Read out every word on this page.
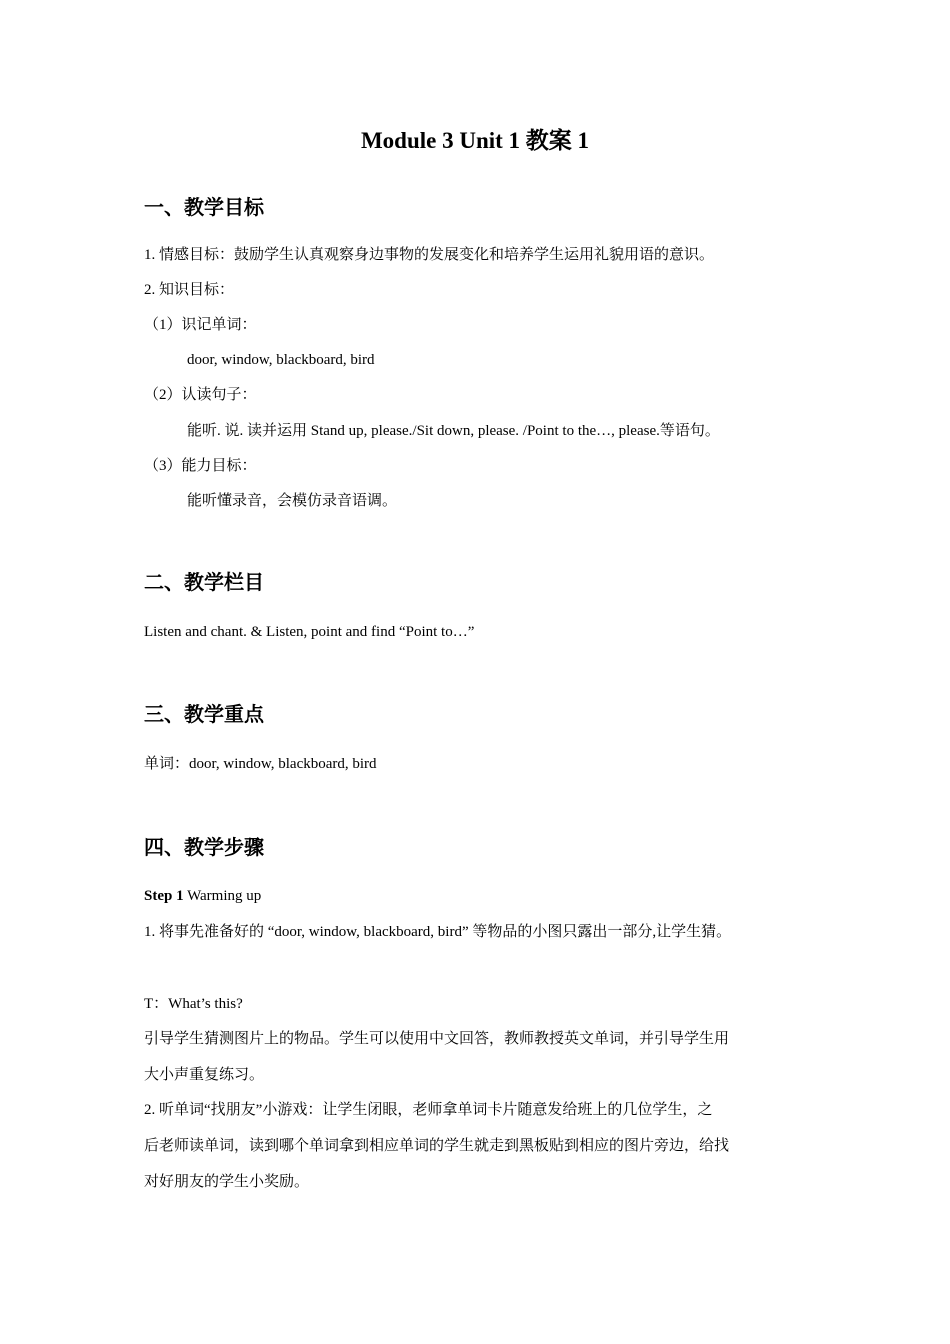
Module 3 Unit 1 教案 1
一、教学目标
1. 情感目标：鼓励学生认真观察身边事物的发展变化和培养学生运用礼貌用语的意识。
2. 知识目标：
（1）识记单词：
door, window, blackboard, bird
（2）认读句子：
能听. 说. 读并运用 Stand up, please./Sit down, please. /Point to the…, please.等语句。
（3）能力目标：
能听懂录音，会模仿录音语调。
二、教学栏目
Listen and chant. & Listen, point and find “Point to…”
三、教学重点
单词：door, window, blackboard, bird
四、教学步骤
Step 1 Warming up
1. 将事先准备好的 “door, window, blackboard, bird” 等物品的小图只露出一部分,让学生猜。
T：What’s this?
引导学生猜测图片上的物品。学生可以使用中文回答，教师教授英文单词，并引导学生用
大小声重复练习。
2. 听单词“找朋友”小游戏：让学生闭眼，老师拿单词卡片随意发给班上的几位学生，之
后老师读单词，读到哪个单词拿到相应单词的学生就走到黑板贴到相应的图片旁边，给找
对好朋友的学生小奖励。
